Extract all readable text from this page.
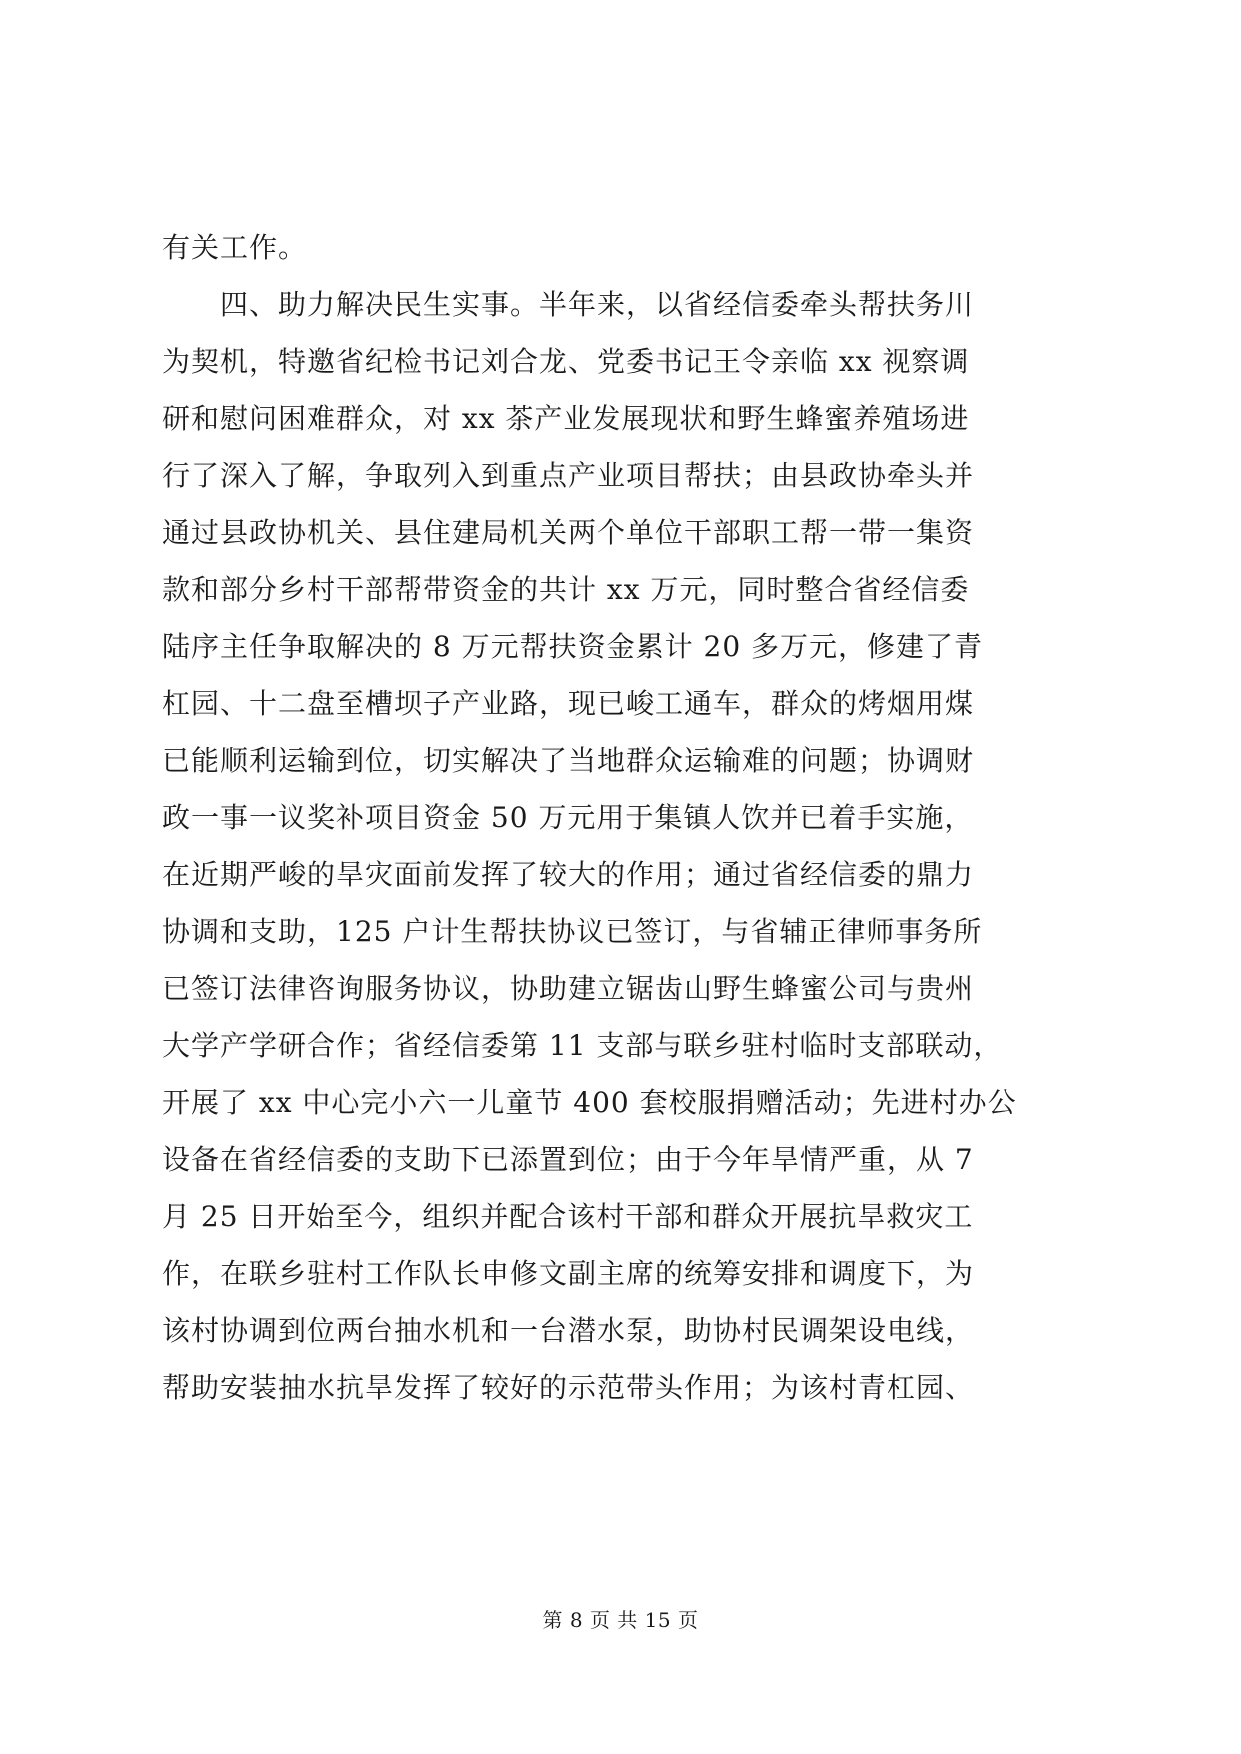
有关工作。
四、助力解决民生实事。半年来，以省经信委牵头帮扶务川
为契机，特邀省纪检书记刘合龙、党委书记王令亲临 xx 视察调
研和慰问困难群众，对 xx 茶产业发展现状和野生蜂蜜养殖场进
行了深入了解，争取列入到重点产业项目帮扶；由县政协牵头并
通过县政协机关、县住建局机关两个单位干部职工帮一带一集资
款和部分乡村干部帮带资金的共计 xx 万元，同时整合省经信委
陆序主任争取解决的 8 万元帮扶资金累计 20 多万元，修建了青
杠园、十二盘至槽坝子产业路，现已峻工通车，群众的烤烟用煤
已能顺利运输到位，切实解决了当地群众运输难的问题；协调财
政一事一议奖补项目资金 50 万元用于集镇人饮并已着手实施，
在近期严峻的旱灾面前发挥了较大的作用；通过省经信委的鼎力
协调和支助，125 户计生帮扶协议已签订，与省辅正律师事务所
已签订法律咨询服务协议，协助建立锯齿山野生蜂蜜公司与贵州
大学产学研合作；省经信委第 11 支部与联乡驻村临时支部联动，
开展了 xx 中心完小六一儿童节 400 套校服捐赠活动；先进村办公
设备在省经信委的支助下已添置到位；由于今年旱情严重，从 7
月 25 日开始至今，组织并配合该村干部和群众开展抗旱救灾工
作，在联乡驻村工作队长申修文副主席的统筹安排和调度下，为
该村协调到位两台抽水机和一台潜水泵，助协村民调架设电线，
帮助安装抽水抗旱发挥了较好的示范带头作用；为该村青杠园、
第 8 页 共 15 页
